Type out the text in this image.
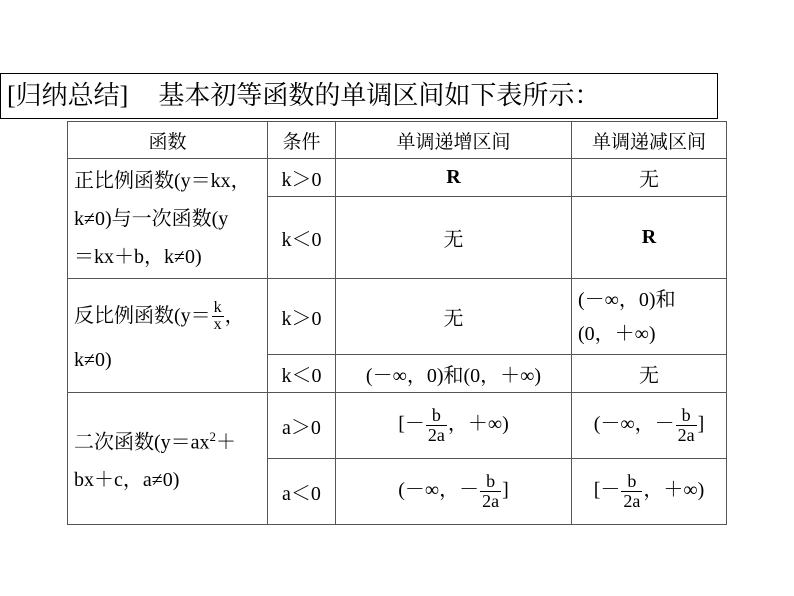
[归纳总结] 基本初等函数的单调区间如下表所示：
函数	条件	单调递增区间	单调递减区间

正比例函数(y＝kx，
k≠0)与一次函数(y
＝kx＋b，k≠0)	k＞0	R	无
	k＜0	无	R

反比例函数($y= \frac{k}{x}$ ，
k≠0)	k＞0	无	(－∞，0)和
(0，＋∞)

	k＜0	(－∞，0)和(0，＋∞)	无

二次函数($y=ax^2+$
bx＋c，a≠0)	a＞0	[－ $\frac{b}{2a}$ ，＋∞)	(－∞，－ $\frac{b}{2a}$ ]
	a＜0	(－∞，－ $\frac{b}{2a}$ ]	[－ $\frac{b}{2a}$ ，＋∞)
